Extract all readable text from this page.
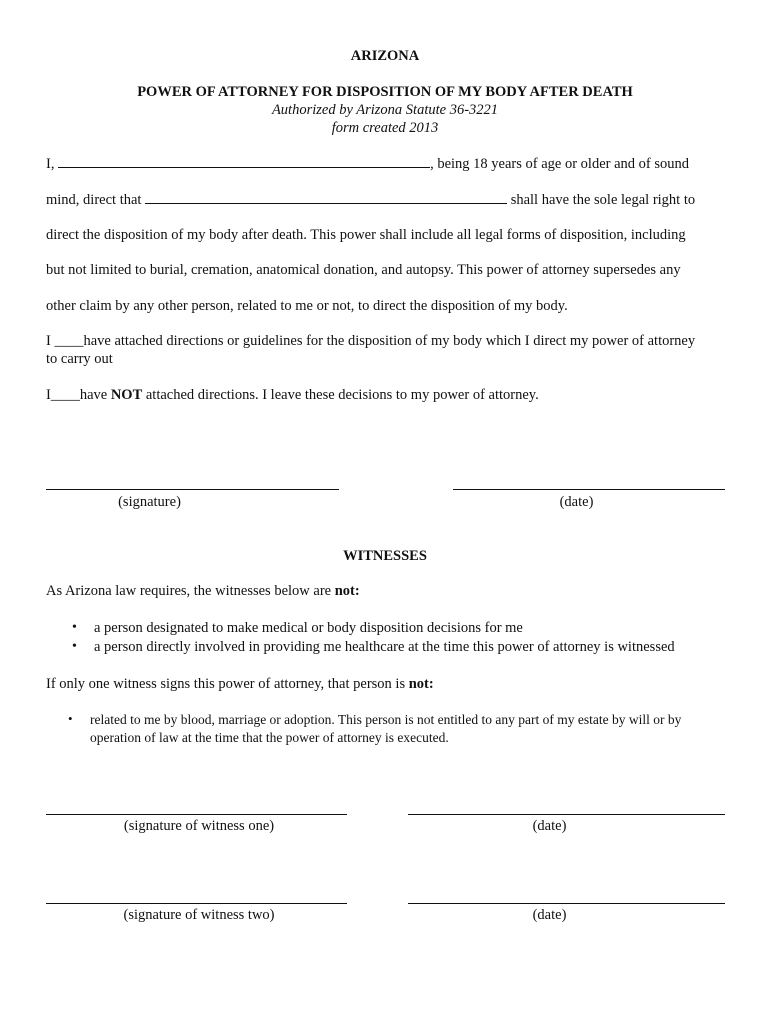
ARIZONA
POWER OF ATTORNEY FOR DISPOSITION OF MY BODY AFTER DEATH
Authorized by Arizona Statute 36-3221
form created 2013
I,	, being 18 years of age or older and of sound
mind, direct that	shall have the sole legal right to
direct the disposition of my body after death. This power shall include all legal forms of disposition, including
but not limited to burial, cremation, anatomical donation, and autopsy. This power of attorney supersedes any
other claim by any other person, related to me or not, to direct the disposition of my body.
I ____have attached directions or guidelines for the disposition of my body which I direct my power of attorney
to carry out
I____have NOT attached directions. I leave these decisions to my power of attorney.
(signature)	(date)
WITNESSES
As Arizona law requires, the witnesses below are not:
• a person designated to make medical or body disposition decisions for me
• a person directly involved in providing me healthcare at the time this power of attorney is witnessed
If only one witness signs this power of attorney, that person is not:
• related to me by blood, marriage or adoption. This person is not entitled to any part of my estate by will or by
operation of law at the time that the power of attorney is executed.
(signature of witness one)	(date)
(signature of witness two)	(date)
